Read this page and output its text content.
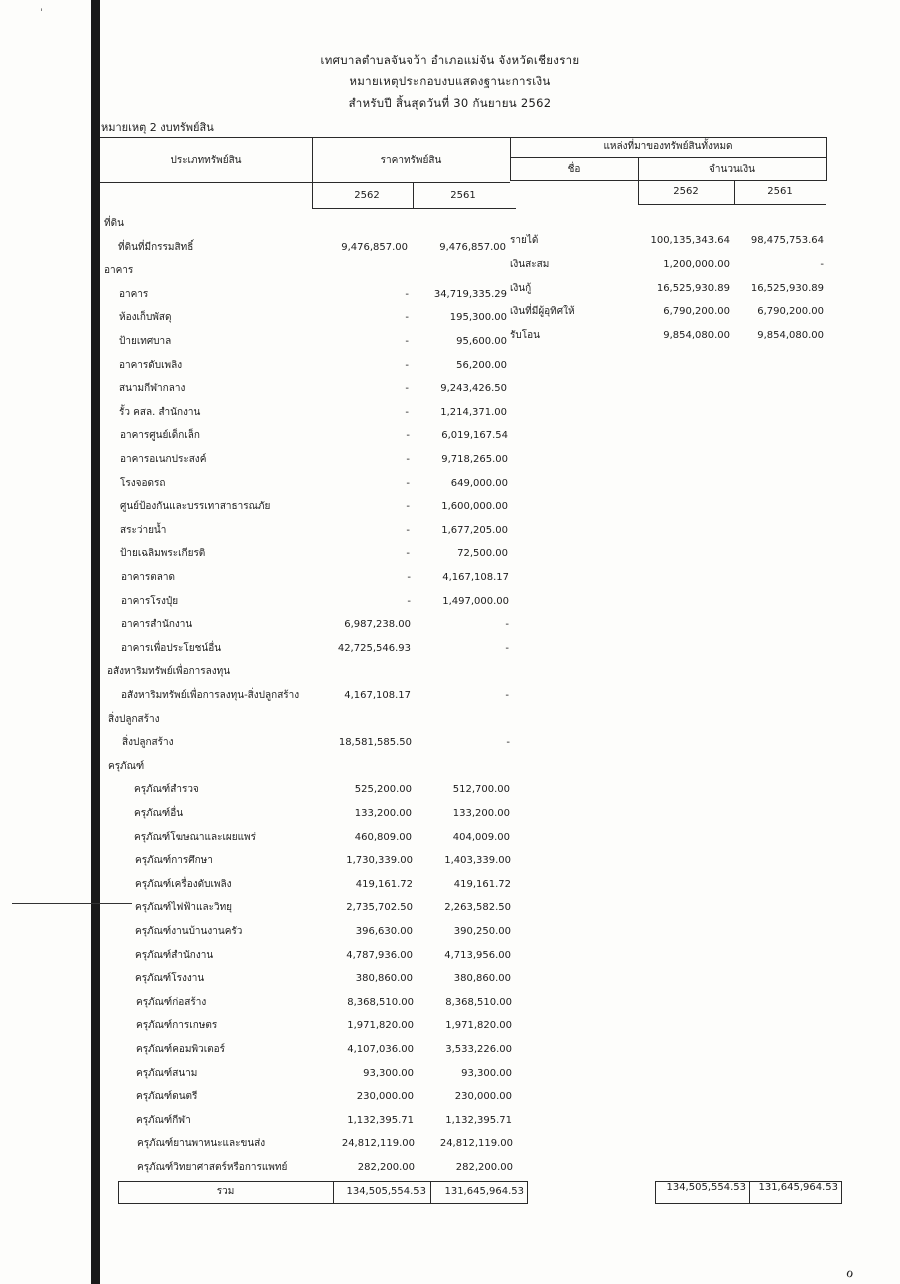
ˈ
เทศบาลตำบลจันจว้า อำเภอแม่จัน จังหวัดเชียงราย
หมายเหตุประกอบงบแสดงฐานะการเงิน
สำหรับปี สิ้นสุดวันที่ 30 กันยายน 2562
หมายเหตุ 2 งบทรัพย์สิน
ประเภททรัพย์สิน	ราคาทรัพย์สิน
แหล่งที่มาของทรัพย์สินทั้งหมด
ชื่อ	จำนวนเงิน
2562	2561	2562	2561
รวม	134,505,554.53	131,645,964.53	134,505,554.53	131,645,964.53
ที่ดิน
ที่ดินที่มีกรรมสิทธิ์	9,476,857.00	9,476,857.00
อาคาร
อาคาร	-	34,719,335.29
ห้องเก็บพัสดุ	-	195,300.00
ป้ายเทศบาล	-	95,600.00
อาคารดับเพลิง	-	56,200.00
สนามกีฬากลาง	-	9,243,426.50
รั้ว คสล. สำนักงาน	-	1,214,371.00
อาคารศูนย์เด็กเล็ก	-	6,019,167.54
อาคารอเนกประสงค์	-	9,718,265.00
โรงจอดรถ	-	649,000.00
ศูนย์ป้องกันและบรรเทาสาธารณภัย	-	1,600,000.00
สระว่ายน้ำ	-	1,677,205.00
ป้ายเฉลิมพระเกียรติ	-	72,500.00
อาคารตลาด	-	4,167,108.17
อาคารโรงปุ๋ย	-	1,497,000.00
อาคารสำนักงาน	6,987,238.00	-
อาคารเพื่อประโยชน์อื่น	42,725,546.93	-
อสังหาริมทรัพย์เพื่อการลงทุน
อสังหาริมทรัพย์เพื่อการลงทุน-สิ่งปลูกสร้าง	4,167,108.17	-
สิ่งปลูกสร้าง
สิ่งปลูกสร้าง	18,581,585.50	-
ครุภัณฑ์
ครุภัณฑ์สำรวจ	525,200.00	512,700.00
ครุภัณฑ์อื่น	133,200.00	133,200.00
ครุภัณฑ์โฆษณาและเผยแพร่	460,809.00	404,009.00
ครุภัณฑ์การศึกษา	1,730,339.00	1,403,339.00
ครุภัณฑ์เครื่องดับเพลิง	419,161.72	419,161.72
ครุภัณฑ์ไฟฟ้าและวิทยุ	2,735,702.50	2,263,582.50
ครุภัณฑ์งานบ้านงานครัว	396,630.00	390,250.00
ครุภัณฑ์สำนักงาน	4,787,936.00	4,713,956.00
ครุภัณฑ์โรงงาน	380,860.00	380,860.00
ครุภัณฑ์ก่อสร้าง	8,368,510.00	8,368,510.00
ครุภัณฑ์การเกษตร	1,971,820.00	1,971,820.00
ครุภัณฑ์คอมพิวเตอร์	4,107,036.00	3,533,226.00
ครุภัณฑ์สนาม	93,300.00	93,300.00
ครุภัณฑ์ดนตรี	230,000.00	230,000.00
ครุภัณฑ์กีฬา	1,132,395.71	1,132,395.71
ครุภัณฑ์ยานพาหนะและขนส่ง	24,812,119.00	24,812,119.00
ครุภัณฑ์วิทยาศาสตร์หรือการแพทย์	282,200.00	282,200.00
รายได้	100,135,343.64	98,475,753.64
เงินสะสม	1,200,000.00	-
เงินกู้	16,525,930.89	16,525,930.89
เงินที่มีผู้อุทิศให้	6,790,200.00	6,790,200.00
รับโอน	9,854,080.00	9,854,080.00
ℴ
